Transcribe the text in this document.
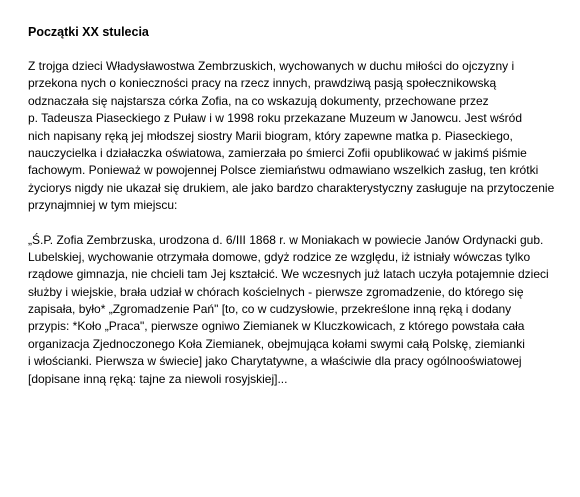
Początki XX stulecia
Z trojga dzieci Władysławostwa Zembrzuskich, wychowanych w duchu miłości do ojczyzny i
przekona nych o konieczności pracy na rzecz innych, prawdziwą pasją społecznikowską
odznaczała się najstarsza córka Zofia, na co wskazują dokumenty, przechowane przez
p. Tadeusza Piaseckiego z Puław i w 1998 roku przekazane Muzeum w Janowcu. Jest wśród
nich napisany ręką jej młodszej siostry Marii biogram, który zapewne matka p. Piaseckiego,
nauczycielka i działaczka oświatowa, zamierzała po śmierci Zofii opublikować w jakimś piśmie
fachowym. Ponieważ w powojennej Polsce ziemiaństwu odmawiano wszelkich zasług, ten krótki
życiorys nigdy nie ukazał się drukiem, ale jako bardzo charakterystyczny zasługuje na przytoczenie
przynajmniej w tym miejscu:
„Ś.P. Zofia Zembrzuska, urodzona d. 6/III 1868 r. w Moniakach w powiecie Janów Ordynacki gub.
Lubelskiej, wychowanie otrzymała domowe, gdyż rodzice ze względu, iż istniały wówczas tylko
rządowe gimnazja, nie chcieli tam Jej kształcić. We wczesnych już latach uczyła potajemnie dzieci
służby i wiejskie, brała udział w chórach kościelnych - pierwsze zgromadzenie, do którego się
zapisała, było* „Zgromadzenie Pań" [to, co w cudzysłowie, przekreślone inną ręką i dodany
przypis: *Koło „Praca", pierwsze ogniwo Ziemianek w Kluczkowicach, z którego powstała cała
organizacja Zjednoczonego Koła Ziemianek, obejmująca kołami swymi całą Polskę, ziemianki
i włościanki. Pierwsza w świecie] jako Charytatywne, a właściwie dla pracy ogólnooświatowej
[dopisane inną ręką: tajne za niewoli rosyjskiej]...
